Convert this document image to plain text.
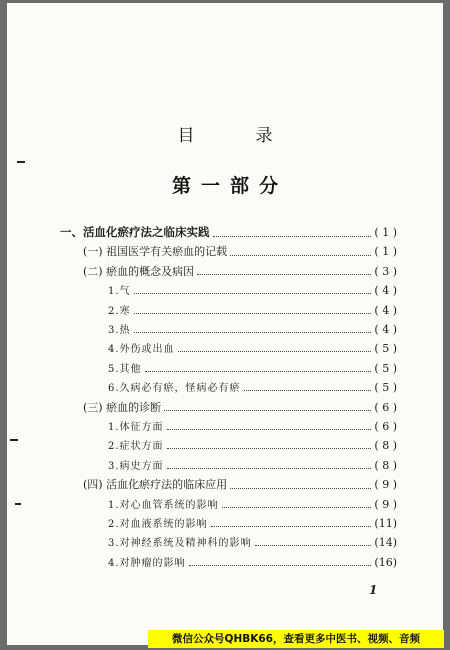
目　录
第一部分
一、活血化瘀疗法之临床实践	( 1 )
(一) 祖国医学有关瘀血的记载	( 1 )
(二) 瘀血的概念及病因	( 3 )
1.气	( 4 )
2.寒	( 4 )
3.热	( 4 )
4.外伤或出血	( 5 )
5.其他	( 5 )
6.久病必有瘀，怪病必有瘀	( 5 )
(三) 瘀血的诊断	( 6 )
1.体征方面	( 6 )
2.症状方面	( 8 )
3.病史方面	( 8 )
(四) 活血化瘀疗法的临床应用	( 9 )
1.对心血管系统的影响	( 9 )
2.对血液系统的影响	(11)
3.对神经系统及精神科的影响	(14)
4.对肿瘤的影响	(16)
1
微信公众号QHBK66，查看更多中医书、视频、音频
